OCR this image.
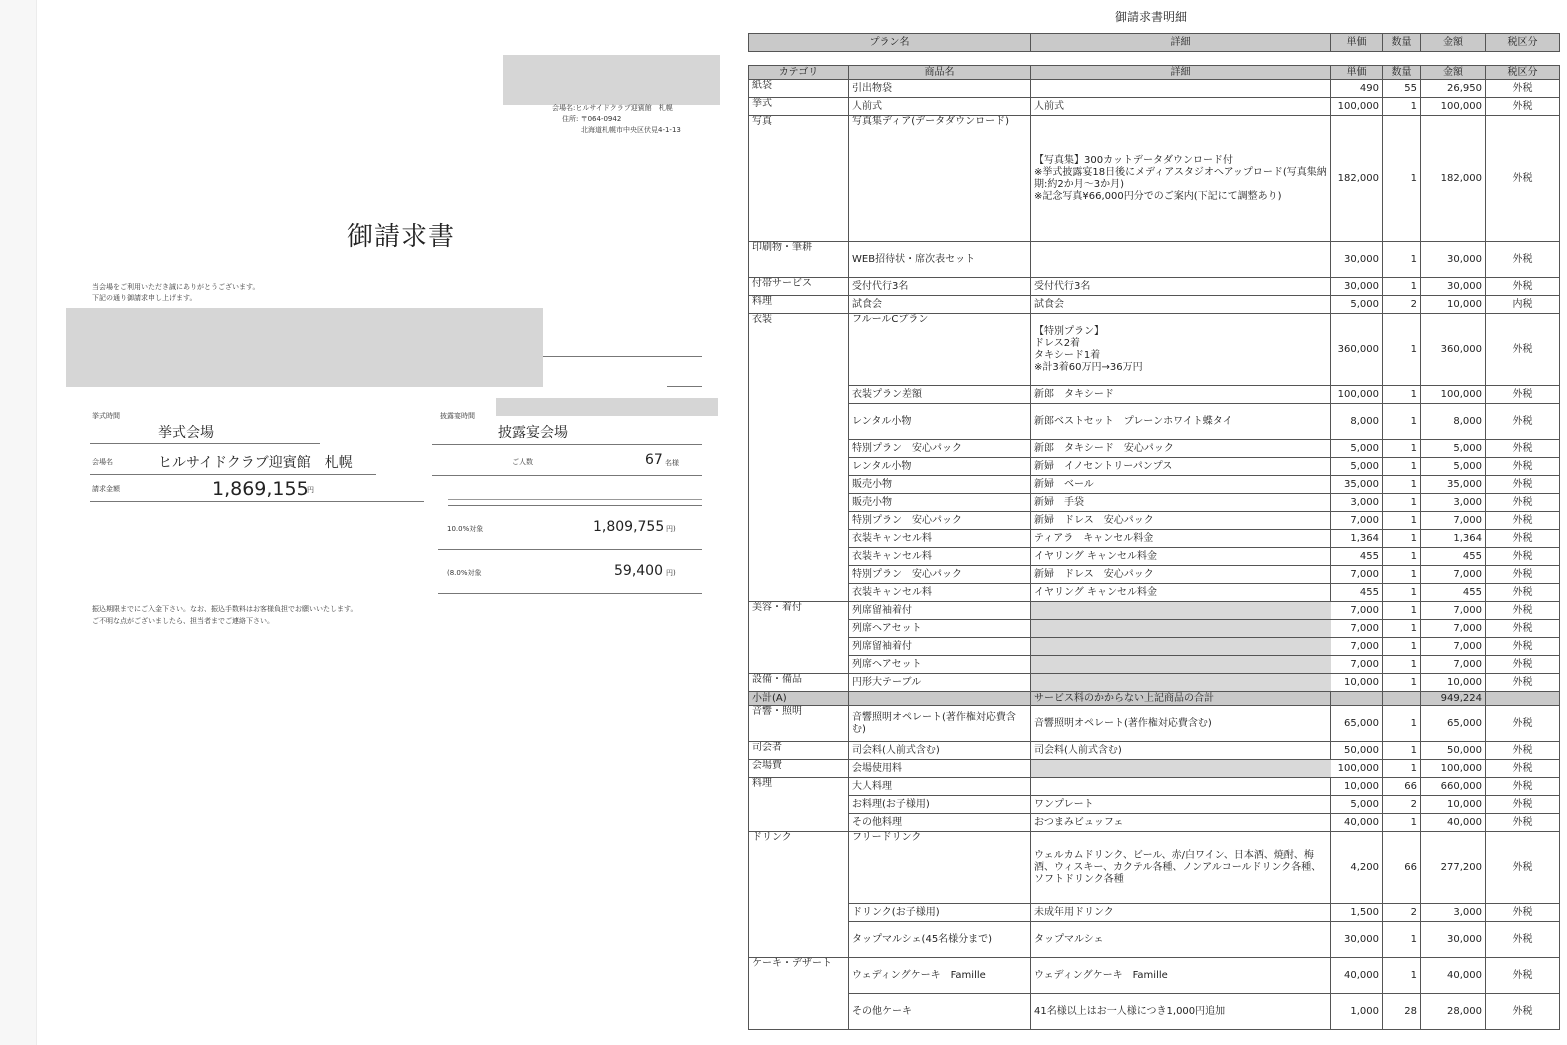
会場名:ヒルサイドクラブ迎賓館　札幌
住所: 〒064-0942
北海道札幌市中央区伏見4-1-13
御請求書
当会場をご利用いただき誠にありがとうございます。
下記の通り御請求申し上げます。
挙式時間
挙式会場
会場名	ヒルサイドクラブ迎賓館　札幌
請求金額	1,869,155
円
披露宴時間
披露宴会場
ご人数	67 名様
10.0%対象	1,809,755 円)
(8.0%対象	59,400 円)
振込期限までにご入金下さい。なお、振込手数料はお客様負担でお願いいたします。
ご不明な点がございましたら、担当者までご連絡下さい。
御請求書明細
プラン名	詳細	単価	数量	金額	税区分
カテゴリ	商品名	詳細	単価	数量	金額	税区分
紙袋	引出物袋		490	55	26,950	外税
挙式	人前式	人前式	100,000	1	100,000	外税
写真	写真集ディア(データダウンロード)	【写真集】300カットデータダウンロード付
※挙式披露宴18日後にメディアスタジオへアップロード(写真集納期:約2か月～3か月)
※記念写真¥66,000円分でのご案内(下記にて調整あり)	182,000	1	182,000	外税
印刷物・筆耕	WEB招待状・席次表セット		30,000	1	30,000	外税
付帯サービス	受付代行3名	受付代行3名	30,000	1	30,000	外税
料理	試食会	試食会	5,000	2	10,000	内税
衣装	フルールCプラン	【特別プラン】
ドレス2着
タキシード1着
※計3着60万円→36万円	360,000	1	360,000	外税
	衣装プラン差額	新郎　タキシード	100,000	1	100,000	外税
	レンタル小物	新郎ベストセット　プレーンホワイト蝶タイ	8,000	1	8,000	外税
	特別プラン　安心パック	新郎　タキシード　安心パック	5,000	1	5,000	外税
	レンタル小物	新婦　イノセントリーパンプス	5,000	1	5,000	外税
	販売小物	新婦　ベール	35,000	1	35,000	外税
	販売小物	新婦　手袋	3,000	1	3,000	外税
	特別プラン　安心パック	新婦　ドレス　安心パック	7,000	1	7,000	外税
	衣装キャンセル料	ティアラ　キャンセル料金	1,364	1	1,364	外税
	衣装キャンセル料	イヤリング キャンセル料金	455	1	455	外税
	特別プラン　安心パック	新婦　ドレス　安心パック	7,000	1	7,000	外税
	衣装キャンセル料	イヤリング キャンセル料金	455	1	455	外税
美容・着付	列席留袖着付		7,000	1	7,000	外税
	列席ヘアセット		7,000	1	7,000	外税
	列席留袖着付		7,000	1	7,000	外税
	列席ヘアセット		7,000	1	7,000	外税
設備・備品	円形大テーブル		10,000	1	10,000	外税
小計(A)		サービス料のかからない上記商品の合計			949,224	
音響・照明	音響照明オペレート(著作権対応費含む)	音響照明オペレート(著作権対応費含む)	65,000	1	65,000	外税
司会者	司会料(人前式含む)	司会料(人前式含む)	50,000	1	50,000	外税
会場費	会場使用料		100,000	1	100,000	外税
料理	大人料理		10,000	66	660,000	外税
	お料理(お子様用)	ワンプレート	5,000	2	10,000	外税
	その他料理	おつまみビュッフェ	40,000	1	40,000	外税
ドリンク	フリードリンク	ウェルカムドリンク、ビール、赤/白ワイン、日本酒、焼酎、梅酒、ウィスキー、カクテル各種、ノンアルコールドリンク各種、ソフトドリンク各種	4,200	66	277,200	外税
	ドリンク(お子様用)	未成年用ドリンク	1,500	2	3,000	外税
	タップマルシェ(45名様分まで)	タップマルシェ	30,000	1	30,000	外税
ケーキ・デザート	ウェディングケーキ　Famille	ウェディングケーキ　Famille	40,000	1	40,000	外税
	その他ケーキ	41名様以上はお一人様につき1,000円追加	1,000	28	28,000	外税
